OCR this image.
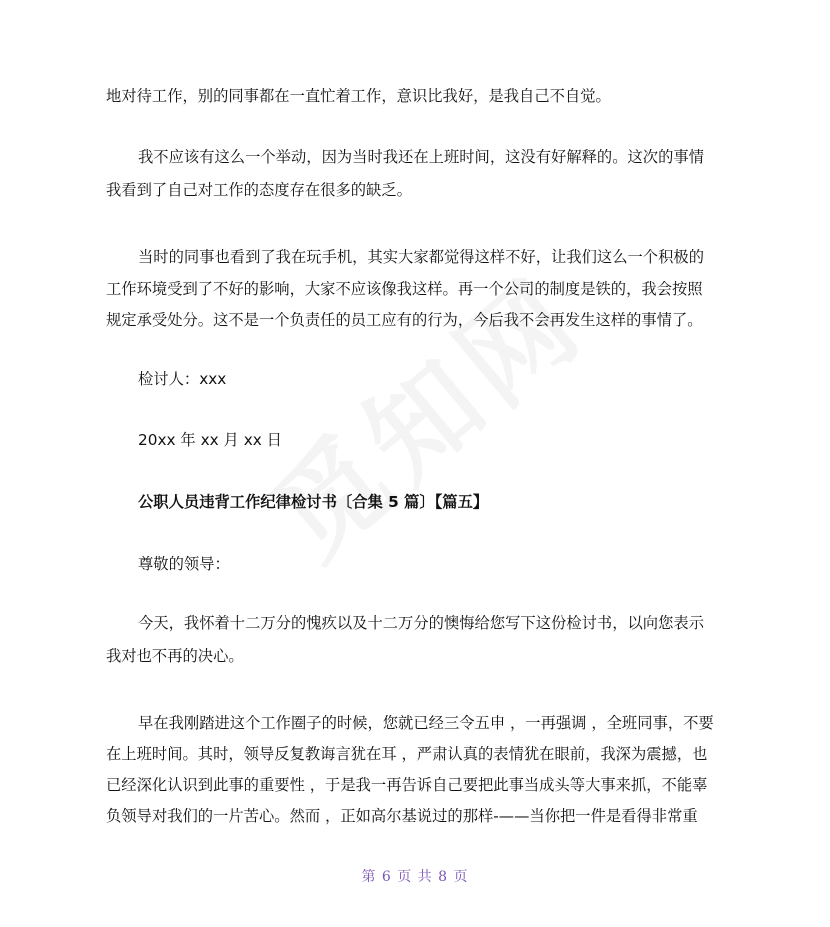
地对待工作，别的同事都在一直忙着工作，意识比我好，是我自己不自觉。
我不应该有这么一个举动，因为当时我还在上班时间，这没有好解释的。这次的事情
我看到了自己对工作的态度存在很多的缺乏。
当时的同事也看到了我在玩手机，其实大家都觉得这样不好，让我们这么一个积极的
工作环境受到了不好的影响，大家不应该像我这样。再一个公司的制度是铁的，我会按照
规定承受处分。这不是一个负责任的员工应有的行为，今后我不会再发生这样的事情了。
检讨人：xxx
20xx 年 xx 月 xx 日
公职人员违背工作纪律检讨书〔合集 5 篇〕【篇五】
尊敬的领导：
今天，我怀着十二万分的愧疚以及十二万分的懊悔给您写下这份检讨书，以向您表示
我对也不再的决心。
早在我刚踏进这个工作圈子的时候，您就已经三令五申 ，一再强调 ，全班同事，不要
在上班时间。其时，领导反复教诲言犹在耳 ，严肃认真的表情犹在眼前，我深为震撼，也
已经深化认识到此事的重要性 ，于是我一再告诉自己要把此事当成头等大事来抓，不能辜
负领导对我们的一片苦心。然而 ，正如高尔基说过的那样-——当你把一件是看得非常重
第 6 页 共 8 页
